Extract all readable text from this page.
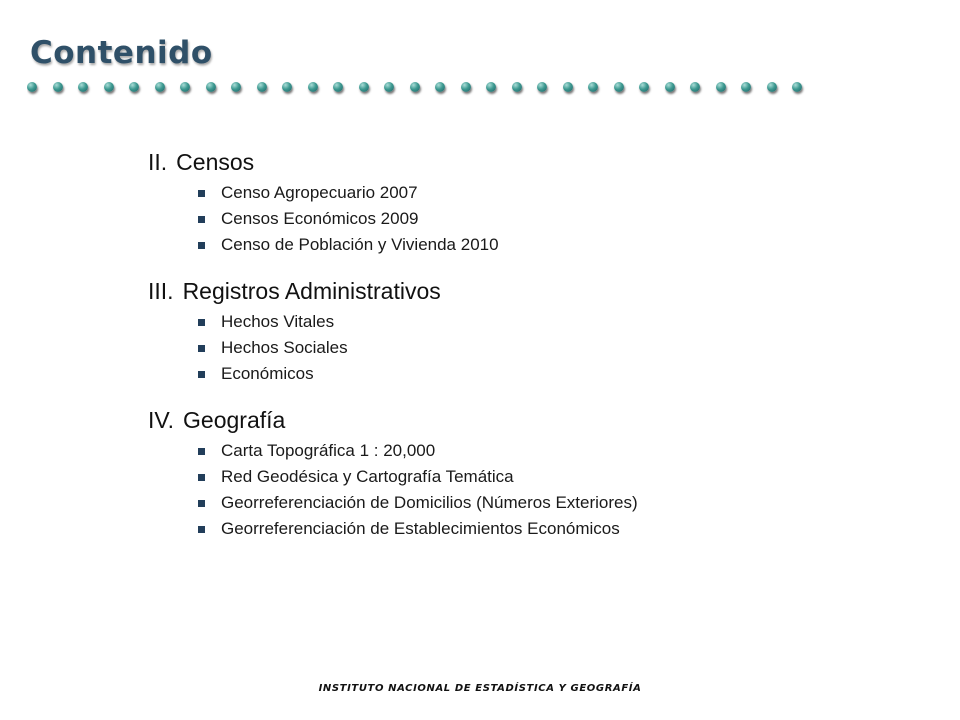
Contenido
II. Censos
Censo Agropecuario 2007
Censos Económicos 2009
Censo de Población y Vivienda 2010
III. Registros Administrativos
Hechos Vitales
Hechos Sociales
Económicos
IV. Geografía
Carta Topográfica 1 : 20,000
Red Geodésica y Cartografía Temática
Georreferenciación de Domicilios (Números Exteriores)
Georreferenciación de Establecimientos Económicos
INSTITUTO NACIONAL DE ESTADÍSTICA Y GEOGRAFÍA
